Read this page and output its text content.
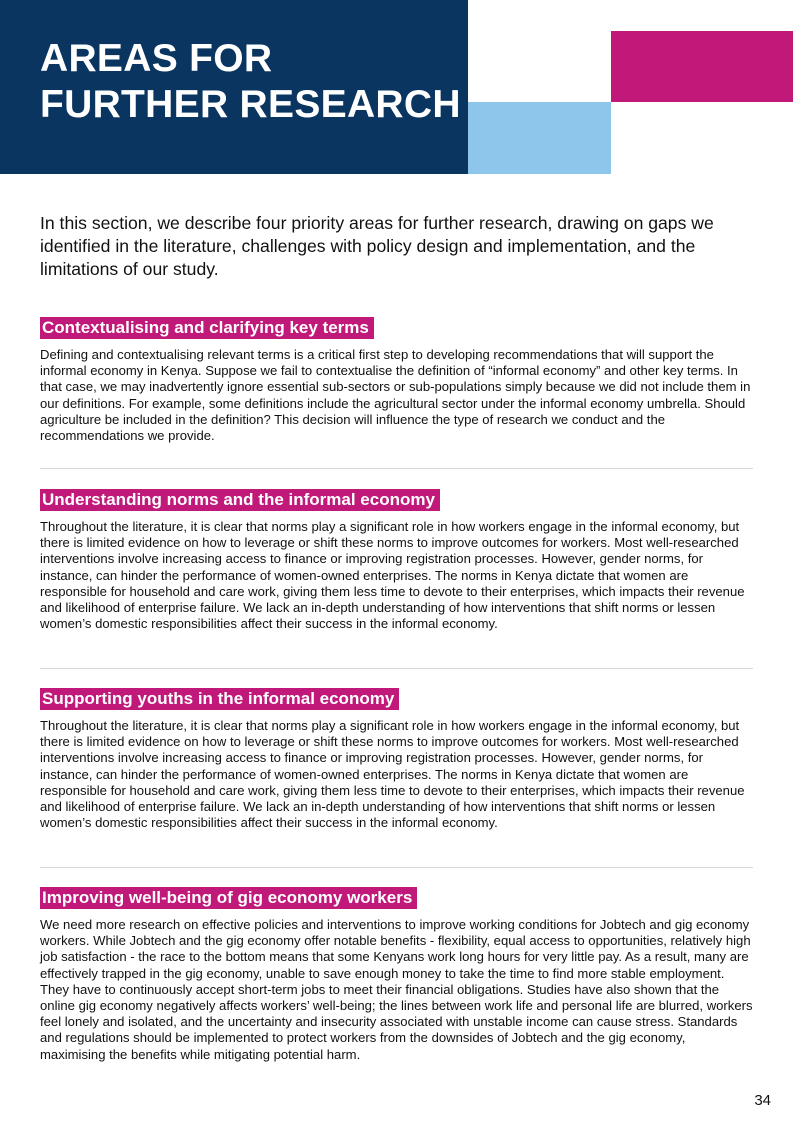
AREAS FOR
FURTHER RESEARCH

In this section, we describe four priority areas for further research, drawing on gaps we identified in the literature, challenges with policy design and implementation, and the limitations of our study.

Contextualising and clarifying key terms

Defining and contextualising relevant terms is a critical first step to developing recommendations that will support the informal economy in Kenya. Suppose we fail to contextualise the definition of “informal economy” and other key terms. In that case, we may inadvertently ignore essential sub-sectors or sub-populations simply because we did not include them in our definitions. For example, some definitions include the agricultural sector under the informal economy umbrella. Should agriculture be included in the definition? This decision will influence the type of research we conduct and the recommendations we provide.

Understanding norms and the informal economy

Throughout the literature, it is clear that norms play a significant role in how workers engage in the informal economy, but there is limited evidence on how to leverage or shift these norms to improve outcomes for workers. Most well-researched interventions involve increasing access to finance or improving registration processes. However, gender norms, for instance, can hinder the performance of women-owned enterprises. The norms in Kenya dictate that women are responsible for household and care work, giving them less time to devote to their enterprises, which impacts their revenue and likelihood of enterprise failure. We lack an in-depth understanding of how interventions that shift norms or lessen women’s domestic responsibilities affect their success in the informal economy.

Supporting youths in the informal economy

Throughout the literature, it is clear that norms play a significant role in how workers engage in the informal economy, but there is limited evidence on how to leverage or shift these norms to improve outcomes for workers. Most well-researched interventions involve increasing access to finance or improving registration processes. However, gender norms, for instance, can hinder the performance of women-owned enterprises. The norms in Kenya dictate that women are responsible for household and care work, giving them less time to devote to their enterprises, which impacts their revenue and likelihood of enterprise failure. We lack an in-depth understanding of how interventions that shift norms or lessen women’s domestic responsibilities affect their success in the informal economy.

Improving well-being of gig economy workers

We need more research on effective policies and interventions to improve working conditions for Jobtech and gig economy workers. While Jobtech and the gig economy offer notable benefits - flexibility, equal access to opportunities, relatively high job satisfaction - the race to the bottom means that some Kenyans work long hours for very little pay. As a result, many are effectively trapped in the gig economy, unable to save enough money to take the time to find more stable employment. They have to continuously accept short-term jobs to meet their financial obligations. Studies have also shown that the online gig economy negatively affects workers’ well-being; the lines between work life and personal life are blurred, workers feel lonely and isolated, and the uncertainty and insecurity associated with unstable income can cause stress. Standards and regulations should be implemented to protect workers from the downsides of Jobtech and the gig economy, maximising the benefits while mitigating potential harm.

34
